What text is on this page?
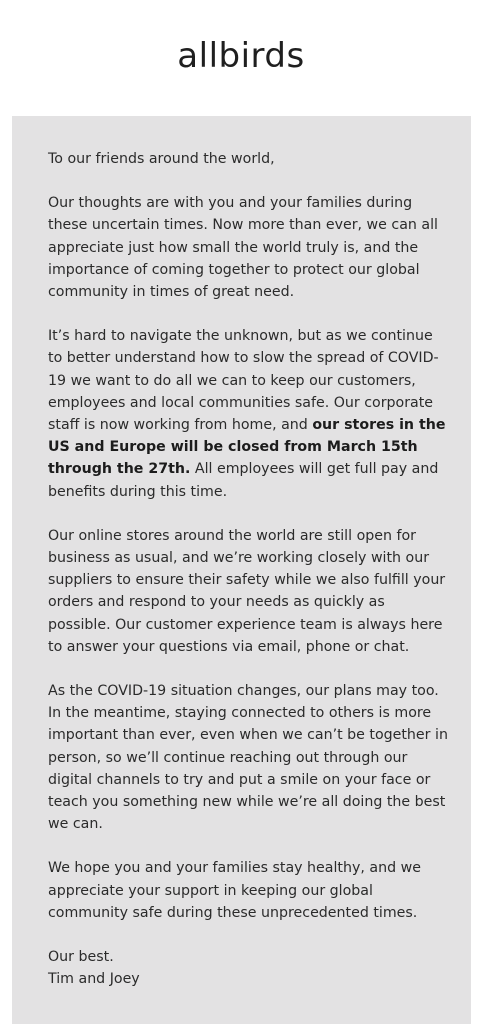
allbirds

To our friends around the world,

Our thoughts are with you and your families during these uncertain times. Now more than ever, we can all appreciate just how small the world truly is, and the importance of coming together to protect our global community in times of great need.

It’s hard to navigate the unknown, but as we continue to better understand how to slow the spread of COVID-19 we want to do all we can to keep our customers, employees and local communities safe. Our corporate staff is now working from home, and our stores in the US and Europe will be closed from March 15th through the 27th. All employees will get full pay and benefits during this time.

Our online stores around the world are still open for business as usual, and we’re working closely with our suppliers to ensure their safety while we also fulfill your orders and respond to your needs as quickly as possible. Our customer experience team is always here to answer your questions via email, phone or chat.

As the COVID-19 situation changes, our plans may too. In the meantime, staying connected to others is more important than ever, even when we can’t be together in person, so we’ll continue reaching out through our digital channels to try and put a smile on your face or teach you something new while we’re all doing the best we can.

We hope you and your families stay healthy, and we appreciate your support in keeping our global community safe during these unprecedented times.

Our best.

Tim and Joey
